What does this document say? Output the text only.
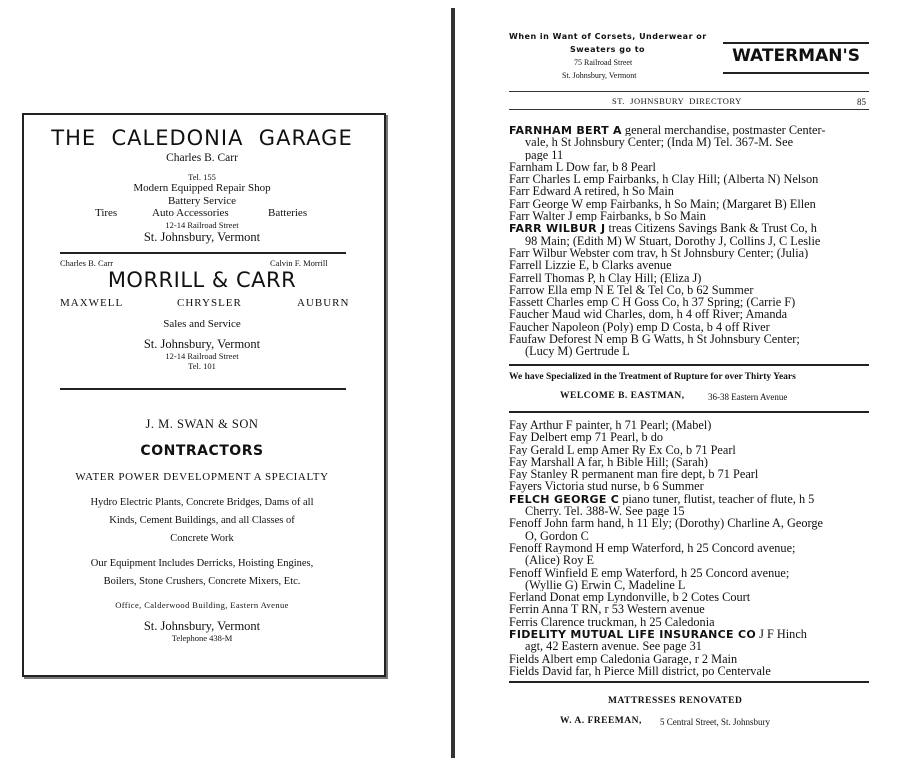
THE  CALEDONIA  GARAGE
Charles B. Carr
Tel. 155
Modern Equipped Repair Shop
Battery Service
Tires	Auto Accessories	Batteries
12-14 Railroad Street
St. Johnsbury, Vermont
Charles B. Carr	Calvin F. Morrill
MORRILL & CARR
MAXWELL	CHRYSLER	AUBURN
Sales and Service
St. Johnsbury, Vermont
12-14 Railroad Street
Tel. 101
J. M. SWAN & SON
CONTRACTORS
WATER POWER DEVELOPMENT A SPECIALTY
Hydro Electric Plants, Concrete Bridges, Dams of all
Kinds, Cement Buildings, and all Classes of
Concrete Work
Our Equipment Includes Derricks, Hoisting Engines,
Boilers, Stone Crushers, Concrete Mixers, Etc.
Office, Calderwood Building, Eastern Avenue
St. Johnsbury, Vermont
Telephone 438-M
When in Want of Corsets, Underwear or
Sweaters go to
75 Railroad Street
St. Johnsbury, Vermont
WATERMAN'S
ST.  JOHNSBURY  DIRECTORY	85
FARNHAM BERT A general merchandise, postmaster Center-
vale, h St Johnsbury Center; (Inda M) Tel. 367-M. See
page 11
Farnham L Dow far, b 8 Pearl
Farr Charles L emp Fairbanks, h Clay Hill; (Alberta N) Nelson
Farr Edward A retired, h So Main
Farr George W emp Fairbanks, h So Main; (Margaret B) Ellen
Farr Walter J emp Fairbanks, b So Main
FARR WILBUR J treas Citizens Savings Bank & Trust Co, h
98 Main; (Edith M) W Stuart, Dorothy J, Collins J, C Leslie
Farr Wilbur Webster com trav, h St Johnsbury Center; (Julia)
Farrell Lizzie E, b Clarks avenue
Farrell Thomas P, h Clay Hill; (Eliza J)
Farrow Ella emp N E Tel & Tel Co, b 62 Summer
Fassett Charles emp C H Goss Co, h 37 Spring; (Carrie F)
Faucher Maud wid Charles, dom, h 4 off River; Amanda
Faucher Napoleon (Poly) emp D Costa, b 4 off River
Faufaw Deforest N emp B G Watts, h St Johnsbury Center;
(Lucy M) Gertrude L
We have Specialized in the Treatment of Rupture for over Thirty Years
WELCOME B. EASTMAN,	36-38 Eastern Avenue
Fay Arthur F painter, h 71 Pearl; (Mabel)
Fay Delbert emp 71 Pearl, b do
Fay Gerald L emp Amer Ry Ex Co, b 71 Pearl
Fay Marshall A far, h Bible Hill; (Sarah)
Fay Stanley R permanent man fire dept, b 71 Pearl
Fayers Victoria stud nurse, b 6 Summer
FELCH GEORGE C piano tuner, flutist, teacher of flute, h 5
Cherry. Tel. 388-W. See page 15
Fenoff John farm hand, h 11 Ely; (Dorothy) Charline A, George
O, Gordon C
Fenoff Raymond H emp Waterford, h 25 Concord avenue;
(Alice) Roy E
Fenoff Winfield E emp Waterford, h 25 Concord avenue;
(Wyllie G) Erwin C, Madeline L
Ferland Donat emp Lyndonville, b 2 Cotes Court
Ferrin Anna T RN, r 53 Western avenue
Ferris Clarence truckman, h 25 Caledonia
FIDELITY MUTUAL LIFE INSURANCE CO J F Hinch
agt, 42 Eastern avenue. See page 31
Fields Albert emp Caledonia Garage, r 2 Main
Fields David far, h Pierce Mill district, po Centervale
MATTRESSES RENOVATED
W. A. FREEMAN, 5 Central Street, St. Johnsbury
